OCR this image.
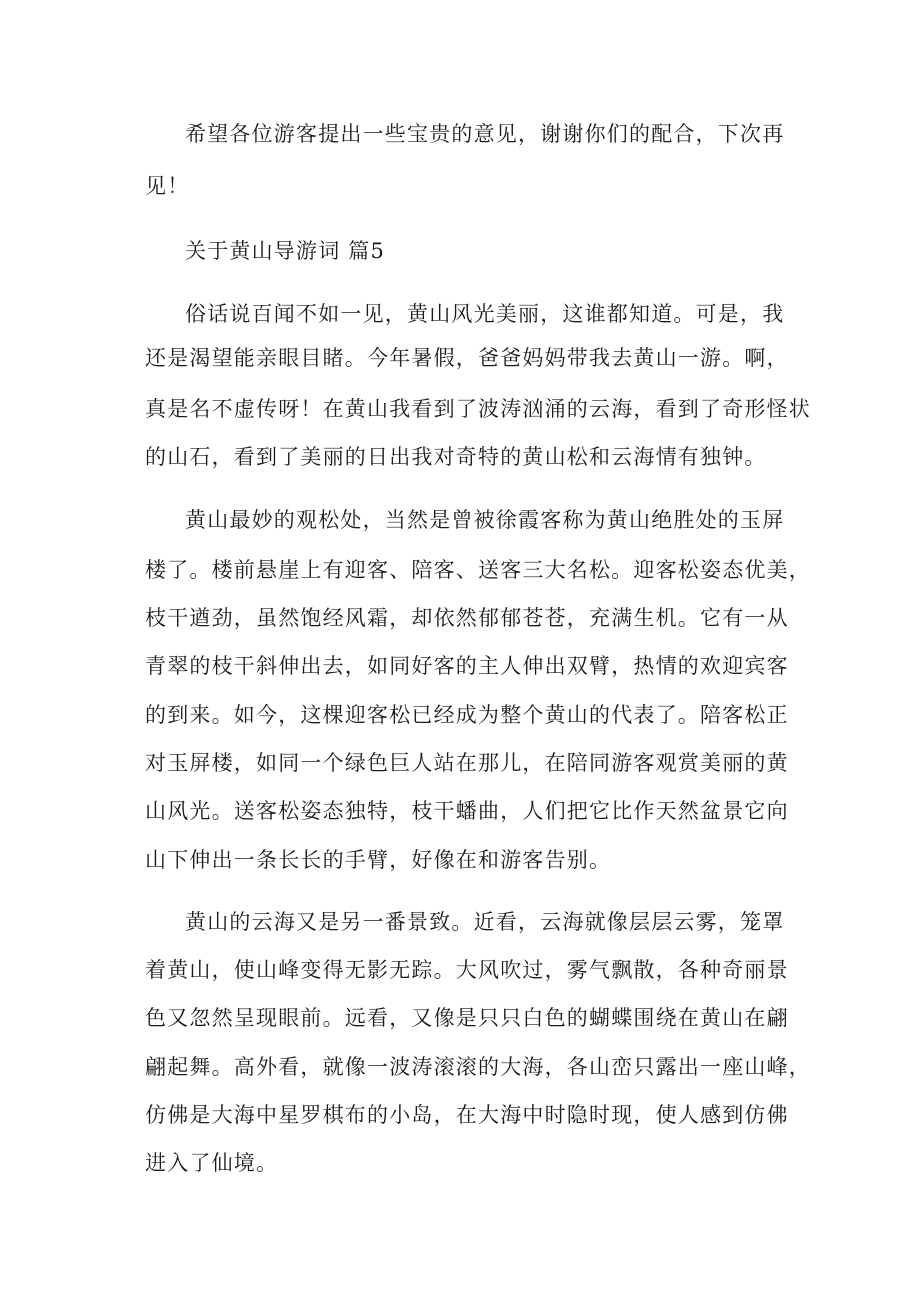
希望各位游客提出一些宝贵的意见，谢谢你们的配合，下次再
见！
关于黄山导游词 篇5
俗话说百闻不如一见，黄山风光美丽，这谁都知道。可是，我
还是渴望能亲眼目睹。今年暑假，爸爸妈妈带我去黄山一游。啊，
真是名不虚传呀！在黄山我看到了波涛汹涌的云海，看到了奇形怪状
的山石，看到了美丽的日出我对奇特的黄山松和云海情有独钟。
黄山最妙的观松处，当然是曾被徐霞客称为黄山绝胜处的玉屏
楼了。楼前悬崖上有迎客、陪客、送客三大名松。迎客松姿态优美，
枝干遒劲，虽然饱经风霜，却依然郁郁苍苍，充满生机。它有一从
青翠的枝干斜伸出去，如同好客的主人伸出双臂，热情的欢迎宾客
的到来。如今，这棵迎客松已经成为整个黄山的代表了。陪客松正
对玉屏楼，如同一个绿色巨人站在那儿，在陪同游客观赏美丽的黄
山风光。送客松姿态独特，枝干蟠曲，人们把它比作天然盆景它向
山下伸出一条长长的手臂，好像在和游客告别。
黄山的云海又是另一番景致。近看，云海就像层层云雾，笼罩
着黄山，使山峰变得无影无踪。大风吹过，雾气飘散，各种奇丽景
色又忽然呈现眼前。远看，又像是只只白色的蝴蝶围绕在黄山在翩
翩起舞。高外看，就像一波涛滚滚的大海，各山峦只露出一座山峰，
仿佛是大海中星罗棋布的小岛，在大海中时隐时现，使人感到仿佛
进入了仙境。
